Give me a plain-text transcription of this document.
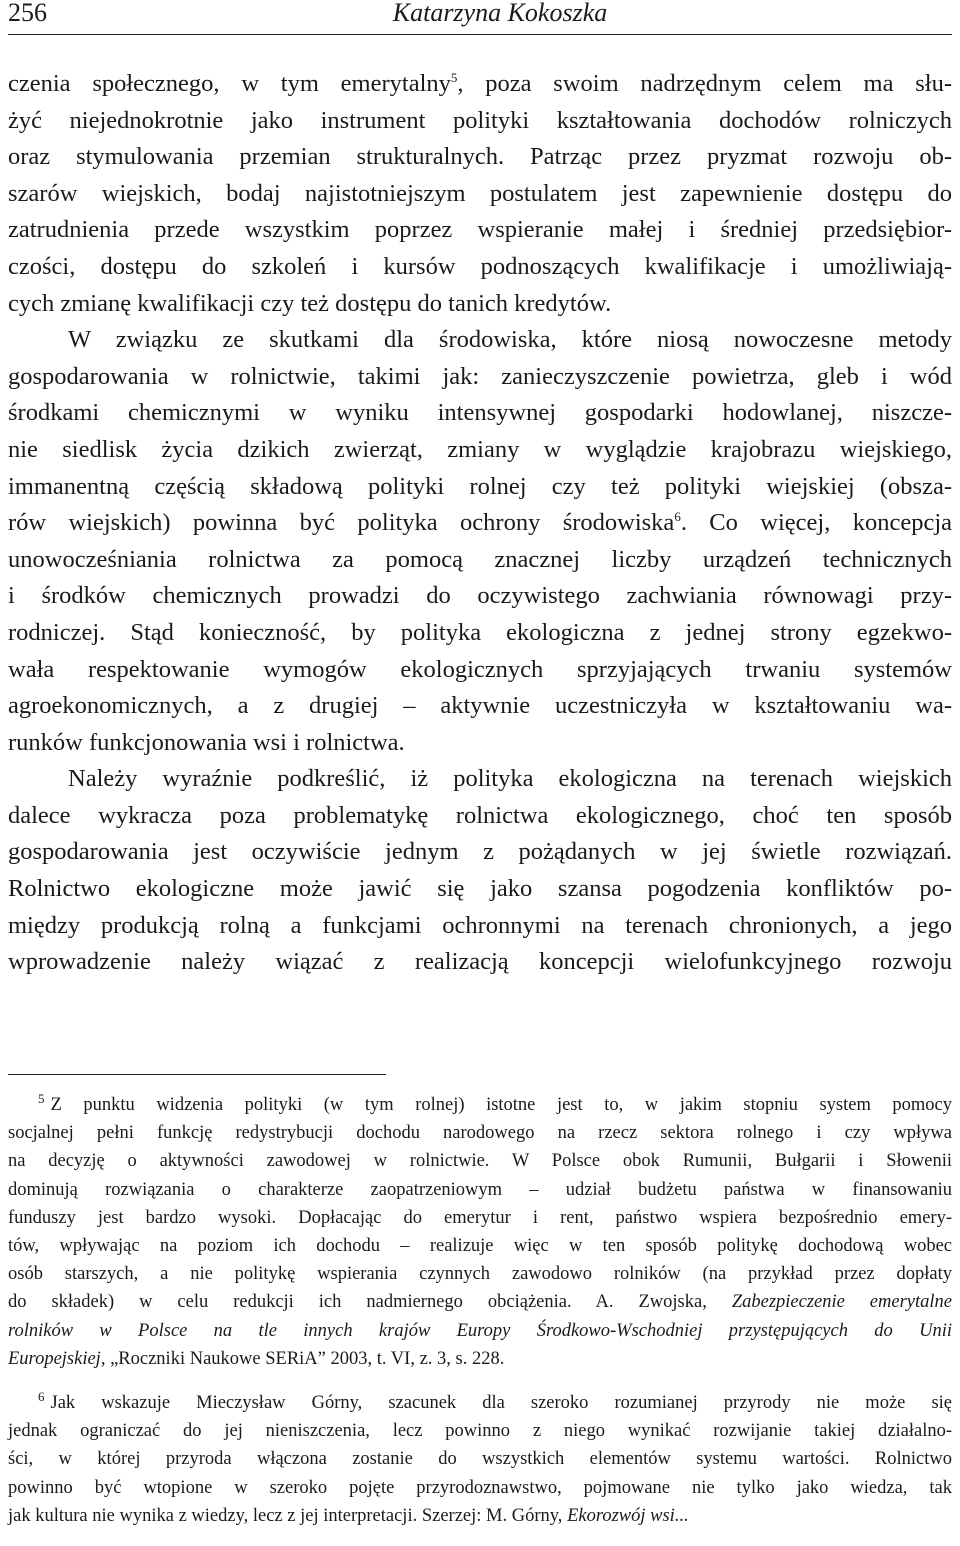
256	Katarzyna Kokoszka

czenia społecznego, w tym emerytalny$^5$, poza swoim nadrzędnym celem ma słu-
żyć niejednokrotnie jako instrument polityki kształtowania dochodów rolniczych
oraz stymulowania przemian strukturalnych. Patrząc przez pryzmat rozwoju ob-
szarów wiejskich, bodaj najistotniejszym postulatem jest zapewnienie dostępu do
zatrudnienia przede wszystkim poprzez wspieranie małej i średniej przedsiębior-
czości, dostępu do szkoleń i kursów podnoszących kwalifikacje i umożliwiają-
cych zmianę kwalifikacji czy też dostępu do tanich kredytów.

W związku ze skutkami dla środowiska, które niosą nowoczesne metody
gospodarowania w rolnictwie, takimi jak: zanieczyszczenie powietrza, gleb i wód
środkami chemicznymi w wyniku intensywnej gospodarki hodowlanej, niszcze-
nie siedlisk życia dzikich zwierząt, zmiany w wyglądzie krajobrazu wiejskiego,
immanentną częścią składową polityki rolnej czy też polityki wiejskiej (obsza-
rów wiejskich) powinna być polityka ochrony środowiska$^6$. Co więcej, koncepcja
unowocześniania rolnictwa za pomocą znacznej liczby urządzeń technicznych
i środków chemicznych prowadzi do oczywistego zachwiania równowagi przy-
rodniczej. Stąd konieczność, by polityka ekologiczna z jednej strony egzekwo-
wała respektowanie wymogów ekologicznych sprzyjających trwaniu systemów
agroekonomicznych, a z drugiej – aktywnie uczestniczyła w kształtowaniu wa-
runków funkcjonowania wsi i rolnictwa.

Należy wyraźnie podkreślić, iż polityka ekologiczna na terenach wiejskich
dalece wykracza poza problematykę rolnictwa ekologicznego, choć ten sposób
gospodarowania jest oczywiście jednym z pożądanych w jej świetle rozwiązań.
Rolnictwo ekologiczne może jawić się jako szansa pogodzenia konfliktów po-
między produkcją rolną a funkcjami ochronnymi na terenach chronionych, a jego
wprowadzenie należy wiązać z realizacją koncepcji wielofunkcyjnego rozwoju

$^5$ Z punktu widzenia polityki (w tym rolnej) istotne jest to, w jakim stopniu system pomocy
socjalnej pełni funkcję redystrybucji dochodu narodowego na rzecz sektora rolnego i czy wpływa
na decyzję o aktywności zawodowej w rolnictwie. W Polsce obok Rumunii, Bułgarii i Słowenii
dominują rozwiązania o charakterze zaopatrzeniowym – udział budżetu państwa w finansowaniu
funduszy jest bardzo wysoki. Dopłacając do emerytur i rent, państwo wspiera bezpośrednio emery-
tów, wpływając na poziom ich dochodu – realizuje więc w ten sposób politykę dochodową wobec
osób starszych, a nie politykę wspierania czynnych zawodowo rolników (na przykład przez dopłaty
do składek) w celu redukcji ich nadmiernego obciążenia. A. Zwojska, Zabezpieczenie emerytalne
rolników w Polsce na tle innych krajów Europy Środkowo-Wschodniej przystępujących do Unii
Europejskiej, „Roczniki Naukowe SERiA” 2003, t. VI, z. 3, s. 228.
$^6$ Jak wskazuje Mieczysław Górny, szacunek dla szeroko rozumianej przyrody nie może się
jednak ograniczać do jej nieniszczenia, lecz powinno z niego wynikać rozwijanie takiej działalno-
ści, w której przyroda włączona zostanie do wszystkich elementów systemu wartości. Rolnictwo
powinno być wtopione w szeroko pojęte przyrodoznawstwo, pojmowane nie tylko jako wiedza, tak
jak kultura nie wynika z wiedzy, lecz z jej interpretacji. Szerzej: M. Górny, Ekorozwój wsi...
